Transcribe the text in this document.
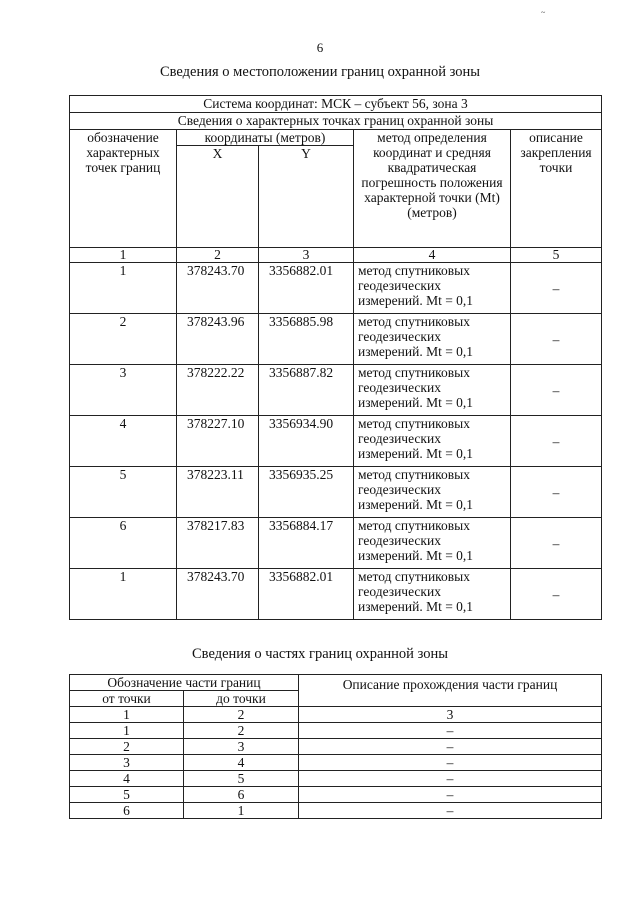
~
6
Сведения о местоположении границ охранной зоны
Система координат: МСК – субъект 56, зона 3				
Сведения о характерных точках границ охранной зоны				
обозначение характерных точек границ	координаты (метров)		метод определения координат и средняя квадратическая погрешность положения характерной точки (Mt) (метров)	описание закрепления точки
	X	Y		
1	2	3	4	5
1	378243.70	3356882.01	метод спутниковых геодезических измерений. Mt = 0,1	–
2	378243.96	3356885.98	метод спутниковых геодезических измерений. Mt = 0,1	–
3	378222.22	3356887.82	метод спутниковых геодезических измерений. Mt = 0,1	–
4	378227.10	3356934.90	метод спутниковых геодезических измерений. Mt = 0,1	–
5	378223.11	3356935.25	метод спутниковых геодезических измерений. Mt = 0,1	–
6	378217.83	3356884.17	метод спутниковых геодезических измерений. Mt = 0,1	–
1	378243.70	3356882.01	метод спутниковых геодезических измерений. Mt = 0,1	–
Сведения о частях границ охранной зоны
Обозначение части границ		Описание прохождения части границ
от точки	до точки	
1	2	3
1	2	–
2	3	–
3	4	–
4	5	–
5	6	–
6	1	–
